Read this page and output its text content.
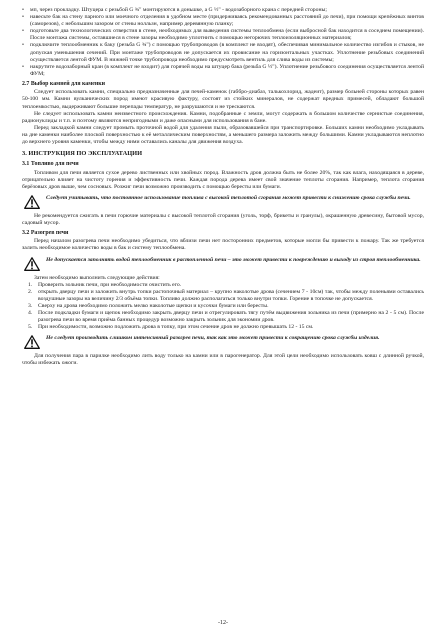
• мп, через прокладку. Штуцера с резьбой G ¾" монтируются в доньшке, а G ½" - водозаборного крана с передней стороны;
• навесьте бак на стену парного или моечного отделения в удобном месте (придерживаясь рекомендованных расстояний до печи), при помощи крепёжных винтов (саморезов), с небольшим зазором от стены нолльзн, например деревянную планку;
• подготовьте два технологических отверстия в стене, необходимых для выведения системы теплообмена (если выбросной бак находится в соседнем помещении). После монтажа системы, оставшиеся в стене зазоры необходимо уплотнить с помощью негорючих теплоизоляционных материалов;
• подключите теплообменник к баку (резьба G ¾") с помощью трубопроводов (в комплект не входят), обеспечивая минимальное количество изгибов и стыков, не допуская уменьшения сечений. При монтаже трубопроводов не допускается их провисание на горизонтальных участках. Уплотнение резьбовых соединений осуществляется лентой ФУМ. В нижней точке трубопровода необходимо предусмотреть вентиль для слива воды из системы;
• накрутите водозаборный кран (в комплект не входит) для горячей воды на штуцер бака (резьба G ½"). Уплотнение резьбового соединения осуществляется лентой ФУМ;
2.7 Выбор камней для каменки

Следует использовать камни, специально предназначенные для печей-каменок (габбро-диабаз, талькохлорид, жадеит), размер больней стороны которых равен 50-100 мм. Камни вулканических пород имеют красивую фактуру, состоят из стойких минералов, не содержат вредных примесей, обладают большой теплоемкостью, выдерживают большие перепады температур, не разрушаются и не трескаются.

Не следует использовать камни неизвестного происхождения. Камни, подобранные с земли, могут содержать в большом количестве сернистые соединения, радионуклиды и т.п. и поэтому являются непригодными и даже опасными для использования в бане.

Перед закладкой камни следует промыть проточной водой для удаления пыли, образовавшейся при транспортировке. Больших камни необходимо укладывать на дне каменки наиболее плоской поверхностью к её металлическим поверхностям, а меньшего размера заложить между большими. Камни укладываются неплотно до верхнего уровня каменки, чтобы между ними оставались каналы для движения воздуха.

3. ИНСТРУКЦИЯ ПО ЭКСПЛУАТАЦИИ
3.1 Топливо для печи

Топливом для печи является сухое дерево лиственных или хвойных пород. Влажность дров должна быть не более 20%, так как влага, находящаяся в дереве, отрицательно влияет на чистоту горения и эффективность печи. Каждая порода дерева имеет свой значение теплоты сгорания. Например, теплота сгорания берёзовых дров выше, чем сосновых. Розжиг печи возможно производить с помощью бересты или бумаги.

Следует учитывать, что постоянное использование топлива с высокой теплотой сгорания может привести к снижению срока службы печи.

Не рекомендуется сжигать в печи горючие материалы с высокой теплотой сгорания (уголь, торф, брикеты и гранулы), окрашенную древесину, бытовой мусор, садовый мусор.

3.2 Разогрев печи

Перед началом разогрева печи необходимо убедиться, что вблизи печи нет посторонних предметов, которые могли бы привести к пожару. Так же требуется залить необходимое количество воды в бак и систему теплообмена.

Не допускается заполнять водой теплообменник в растопленной печи – это может привести к повреждению и выходу из строя теплообменника.

Затем необходимо выполнить следующие действия:

1. Проверить зольник печи, при необходимости очистить его.
2. открыть дверцу печи и заложить внутрь топки растопочный материал – крупно наколотые дрова (сечением 7 - 10см) так, чтобы между поленьями оставались воздушные зазоры на величину 2/3 объёма топки. Топливо должно располагаться только внутри топки. Горение в топочке не допускается.
3. Сверху на дрова необходимо положить мелко наколотые щепки и кусочки бумаги или бересты.
4. После подкладки бумаги и щепок необходимо закрыть дверцу печи и отрегулировать тягу путём выдвижения зольника из печи (примерно на 2 - 5 см). После разогрева печи во время приёма банных процедур возможно закрыть зольник для экономии дров.
5. При необходимости, возможно подложить дрова в топку, при этом сечение дров не должно превышать 12 - 15 см.

Не следует производить слишком интенсивный разогрев печи, так как это может привести к сокращению срока службы изделия.

Для получения пара в парилке необходимо лить воду только на камни или в парогенератор. Для этой цели необходимо использовать ковш с длинной ручкой, чтобы избежать ожоги.

-12-
